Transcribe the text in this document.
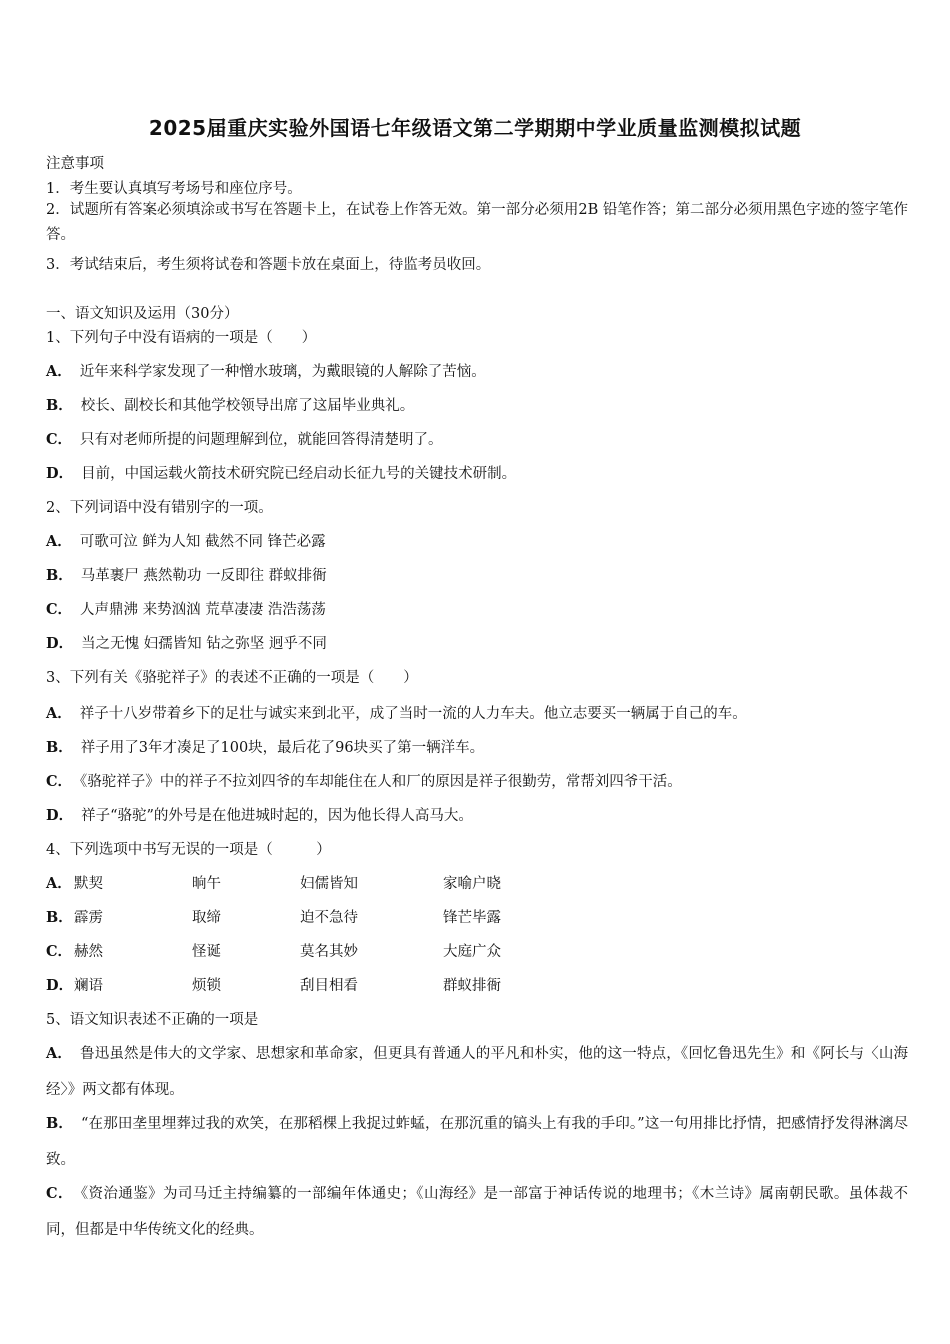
2025届重庆实验外国语七年级语文第二学期期中学业质量监测模拟试题
注意事项
1．考生要认真填写考场号和座位序号。
2．试题所有答案必须填涂或书写在答题卡上，在试卷上作答无效。第一部分必须用2B 铅笔作答；第二部分必须用黑色字迹的签字笔作答。
3．考试结束后，考生须将试卷和答题卡放在桌面上，待监考员收回。
一、语文知识及运用（30分）
1、下列句子中没有语病的一项是（　　）
A． 近年来科学家发现了一种憎水玻璃，为戴眼镜的人解除了苦恼。
B． 校长、副校长和其他学校领导出席了这届毕业典礼。
C． 只有对老师所提的问题理解到位，就能回答得清楚明了。
D． 目前，中国运载火箭技术研究院已经启动长征九号的关键技术研制。
2、下列词语中没有错别字的一项。
A． 可歌可泣 鲜为人知 截然不同 锋芒必露
B． 马革裹尸 燕然勒功 一反即往 群蚁排衙
C． 人声鼎沸 来势汹汹 荒草凄凄 浩浩荡荡
D． 当之无愧 妇孺皆知 钻之弥坚 迥乎不同
3、下列有关《骆驼祥子》的表述不正确的一项是（　　）
A． 祥子十八岁带着乡下的足壮与诚实来到北平，成了当时一流的人力车夫。他立志要买一辆属于自己的车。
B． 祥子用了3年才凑足了100块，最后花了96块买了第一辆洋车。
C． 《骆驼祥子》中的祥子不拉刘四爷的车却能住在人和厂的原因是祥子很勤劳，常帮刘四爷干活。
D． 祥子“骆驼”的外号是在他进城时起的，因为他长得人高马大。
4、下列选项中书写无误的一项是（　　　）
A． 默契	晌午	妇儒皆知	家喻户晓
B． 霹雳	取缔	迫不急待	锋芒毕露
C． 赫然	怪诞	莫名其妙	大庭广众
D． 斓语	烦锁	刮目相看	群蚁排衙
5、语文知识表述不正确的一项是
A． 鲁迅虽然是伟大的文学家、思想家和革命家，但更具有普通人的平凡和朴实，他的这一特点，《回忆鲁迅先生》和《阿长与〈山海经〉》两文都有体现。
B． “在那田垄里埋葬过我的欢笑，在那稻棵上我捉过蚱蜢，在那沉重的镐头上有我的手印。”这一句用排比抒情，把感情抒发得淋漓尽致。
C． 《资治通鉴》为司马迁主持编纂的一部编年体通史；《山海经》是一部富于神话传说的地理书；《木兰诗》属南朝民歌。虽体裁不同，但都是中华传统文化的经典。
